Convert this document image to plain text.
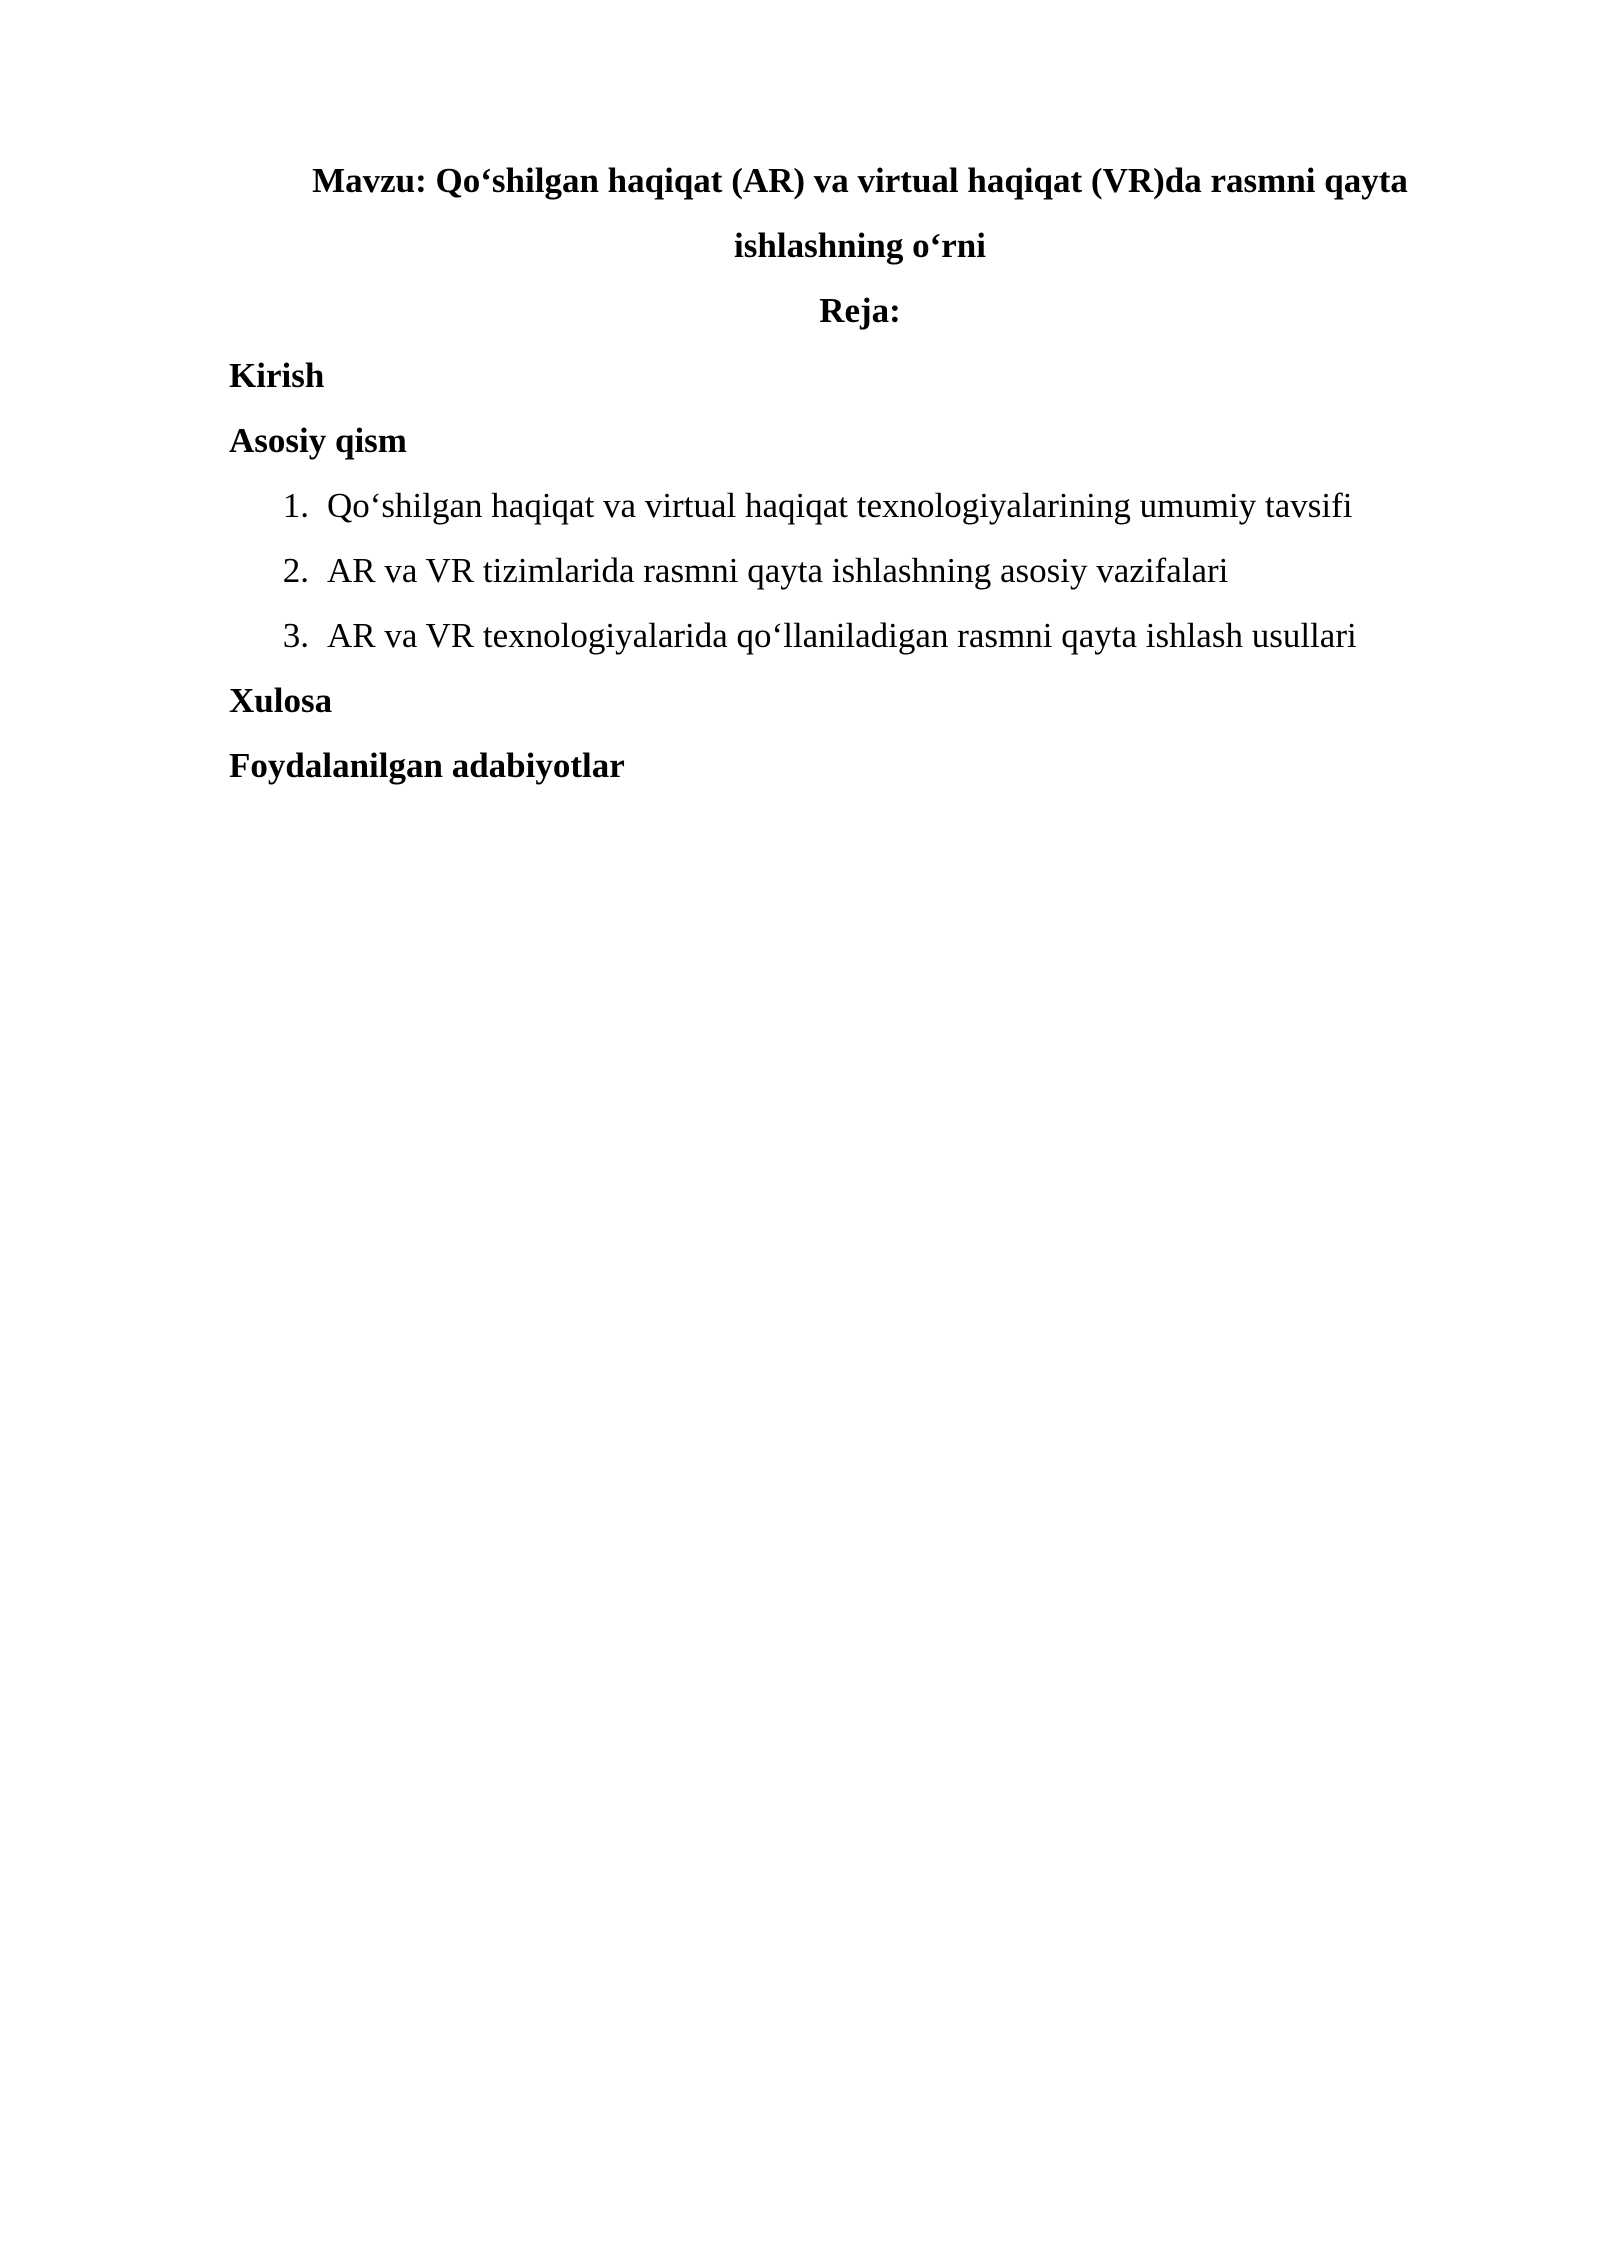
Mavzu: Qo‘shilgan haqiqat (AR) va virtual haqiqat (VR)da rasmni qayta ishlashning o‘rni

Reja:

Kirish

Asosiy qism

1. Qo‘shilgan haqiqat va virtual haqiqat texnologiyalarining umumiy tavsifi
2. AR va VR tizimlarida rasmni qayta ishlashning asosiy vazifalari
3. AR va VR texnologiyalarida qo‘llaniladigan rasmni qayta ishlash usullari

Xulosa

Foydalanilgan adabiyotlar
